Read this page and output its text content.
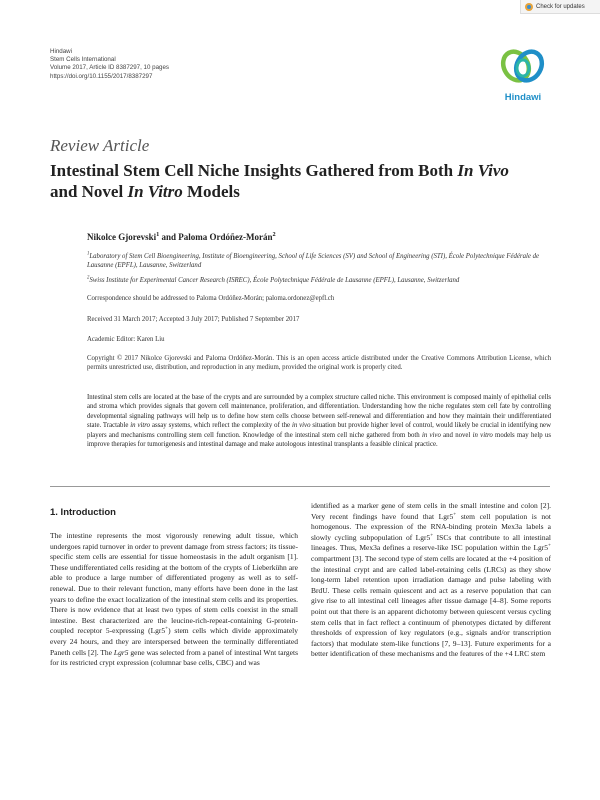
Check for updates
Hindawi
Stem Cells International
Volume 2017, Article ID 8387297, 10 pages
https://doi.org/10.1155/2017/8387297
Hindawi
Review Article
Intestinal Stem Cell Niche Insights Gathered from Both In Vivo
and Novel In Vitro Models
Nikolce Gjorevski$^1$ and Paloma Ordóñez-Morán$^2$
$^1$Laboratory of Stem Cell Bioengineering, Institute of Bioengineering, School of Life Sciences (SV) and School of Engineering (STI), École Polytechnique Fédérale de Lausanne (EPFL), Lausanne, Switzerland
$^2$Swiss Institute for Experimental Cancer Research (ISREC), École Polytechnique Fédérale de Lausanne (EPFL), Lausanne, Switzerland
Correspondence should be addressed to Paloma Ordóñez-Morán; paloma.ordonez@epfl.ch
Received 31 March 2017; Accepted 3 July 2017; Published 7 September 2017
Academic Editor: Karen Liu
Copyright © 2017 Nikolce Gjorevski and Paloma Ordóñez-Morán. This is an open access article distributed under the Creative Commons Attribution License, which permits unrestricted use, distribution, and reproduction in any medium, provided the original work is properly cited.
Intestinal stem cells are located at the base of the crypts and are surrounded by a complex structure called niche. This environment is composed mainly of epithelial cells and stroma which provides signals that govern cell maintenance, proliferation, and differentiation. Understanding how the niche regulates stem cell fate by controlling developmental signaling pathways will help us to define how stem cells choose between self-renewal and differentiation and how they maintain their undifferentiated state. Tractable in vitro assay systems, which reflect the complexity of the in vivo situation but provide higher level of control, would likely be crucial in identifying new players and mechanisms controlling stem cell function. Knowledge of the intestinal stem cell niche gathered from both in vivo and novel in vitro models may help us improve therapies for tumorigenesis and intestinal damage and make autologous intestinal transplants a feasible clinical practice.
1. Introduction

The intestine represents the most vigorously renewing adult tissue, which undergoes rapid turnover in order to prevent damage from stress factors; its tissue-specific stem cells are essential for tissue homeostasis in the adult organism [1]. These undifferentiated cells residing at the bottom of the crypts of Lieberkühn are able to produce a large number of differentiated progeny as well as to self-renewal. Due to their relevant function, many efforts have been done in the last years to define the exact localization of the intestinal stem cells and its properties. There is now evidence that at least two types of stem cells coexist in the small intestine. Best characterized are the leucine-rich-repeat-containing G-protein-coupled receptor 5-expressing (Lgr5+) stem cells which divide approximately every 24 hours, and they are interspersed between the terminally differentiated Paneth cells [2]. The Lgr5 gene was selected from a panel of intestinal Wnt targets for its restricted crypt expression (columnar base cells, CBC) and was

identified as a marker gene of stem cells in the small intestine and colon [2]. Very recent findings have found that Lgr5+ stem cell population is not homogenous. The expression of the RNA-binding protein Mex3a labels a slowly cycling subpopulation of Lgr5+ ISCs that contribute to all intestinal lineages. Thus, Mex3a defines a reserve-like ISC population within the Lgr5+ compartment [3]. The second type of stem cells are located at the +4 position of the intestinal crypt and are called label-retaining cells (LRCs) as they show long-term label retention upon irradiation damage and pulse labeling with BrdU. These cells remain quiescent and act as a reserve population that can give rise to all intestinal cell lineages after tissue damage [4–8]. Some reports point out that there is an apparent dichotomy between quiescent versus cycling stem cells that in fact reflect a continuum of phenotypes dictated by different thresholds of expression of key regulators (e.g., signals and/or transcription factors) that modulate stem-like functions [7, 9–13]. Future experiments for a better identification of these mechanisms and the features of the +4 LRC stem
